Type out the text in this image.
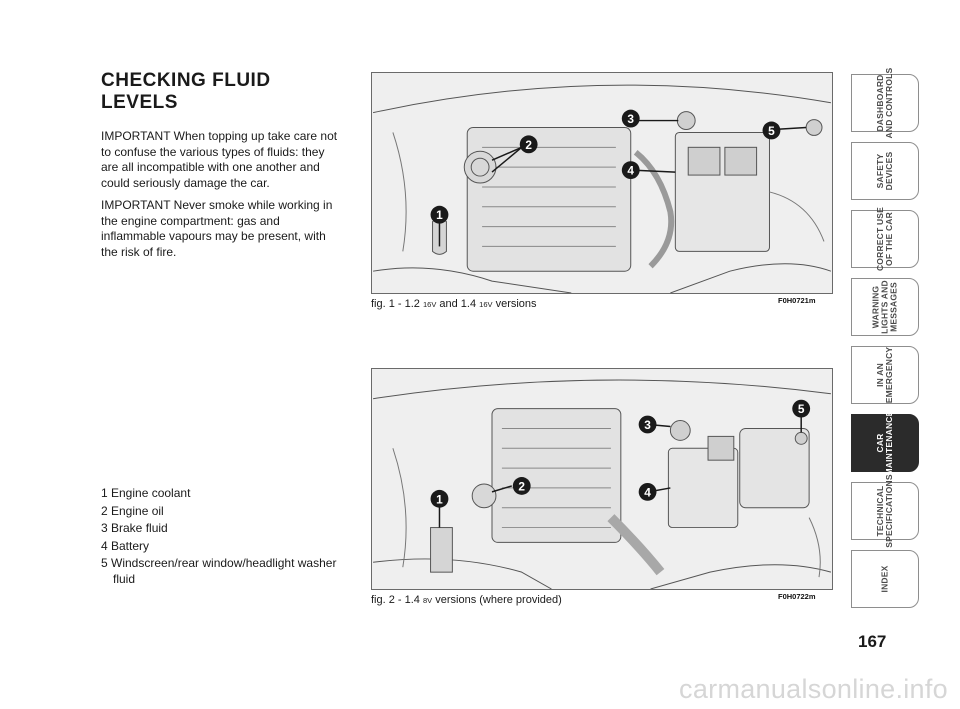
CHECKING FLUID
LEVELS

IMPORTANT When topping up take care not to confuse the various types of fluids: they are all incompatible with one another and could seriously damage the car.

IMPORTANT Never smoke while working in the engine compartment: gas and inflammable vapours may be present, with the risk of fire.

1
2
3
4
5
F0H0721m
fig. 1 - 1.2 16V and 1.4 16V versions
1
2
3
4
5
F0H0722m
fig. 2 - 1.4 8V versions (where provided)
1 Engine coolant
2 Engine oil
3 Brake fluid
4 Battery
5 Windscreen/rear window/headlight washer fluid
DASHBOARD
AND CONTROLS
SAFETY
DEVICES
CORRECT USE
OF THE CAR
WARNING
LIGHTS AND
MESSAGES
IN AN
EMERGENCY
CAR
MAINTENANCE
TECHNICAL
SPECIFICATIONS
INDEX
167
carmanualsonline.info
